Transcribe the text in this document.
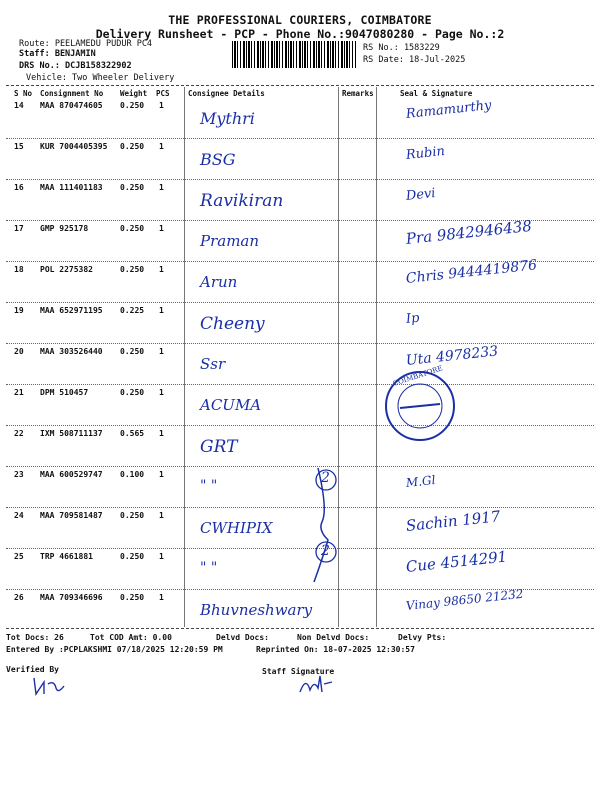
THE PROFESSIONAL COURIERS, COIMBATORE
Delivery Runsheet - PCP - Phone No.:9047080280 - Page No.:2
Route: PEELAMEDU PUDUR PC4
Staff: BENJAMIN
DRS No.: DCJB158322902
Vehicle: Two Wheeler Delivery
RS No.: 1583229
RS Date: 18-Jul-2025
S No Consignment No Weight PCS Consignee Details	Remarks	Seal & Signature
14 MAA 870474605 0.250 1
Mythri	Ramamurthy
15 KUR 7004405395 0.250 1
BSG	Rubin
16 MAA 111401183 0.250 1
Ravikiran	Devi
17 GMP 925178	0.250 1
Praman	Pra 9842946438
18 POL 2275382	0.250 1
Arun	Chris 9444419876
19 MAA 652971195 0.225 1
Cheeny	Ip
20 MAA 303526440 0.250 1
Ssr	Uta 4978233
21 DPM 510457	0.250 1
ACUMA
22 IXM 508711137 0.565 1
GRT
23 MAA 600529747 0.100 1
" "	M.Gl
24 MAA 709581487 0.250 1
CWHIPIX	Sachin 1917
25 TRP 4661881	0.250 1
" "	Cue 4514291
26 MAA 709346696 0.250 1
Bhuvneshwary	Vinay 98650 21232
2
2
COIMBATORE
Tot Docs: 26	Tot COD Amt: 0.00	Delvd Docs:	Non Delvd Docs:	Delvy Pts:
Entered By :PCPLAKSHMI 07/18/2025 12:20:59 PM	Reprinted On: 18-07-2025 12:30:57
Verified By	Staff Signature
